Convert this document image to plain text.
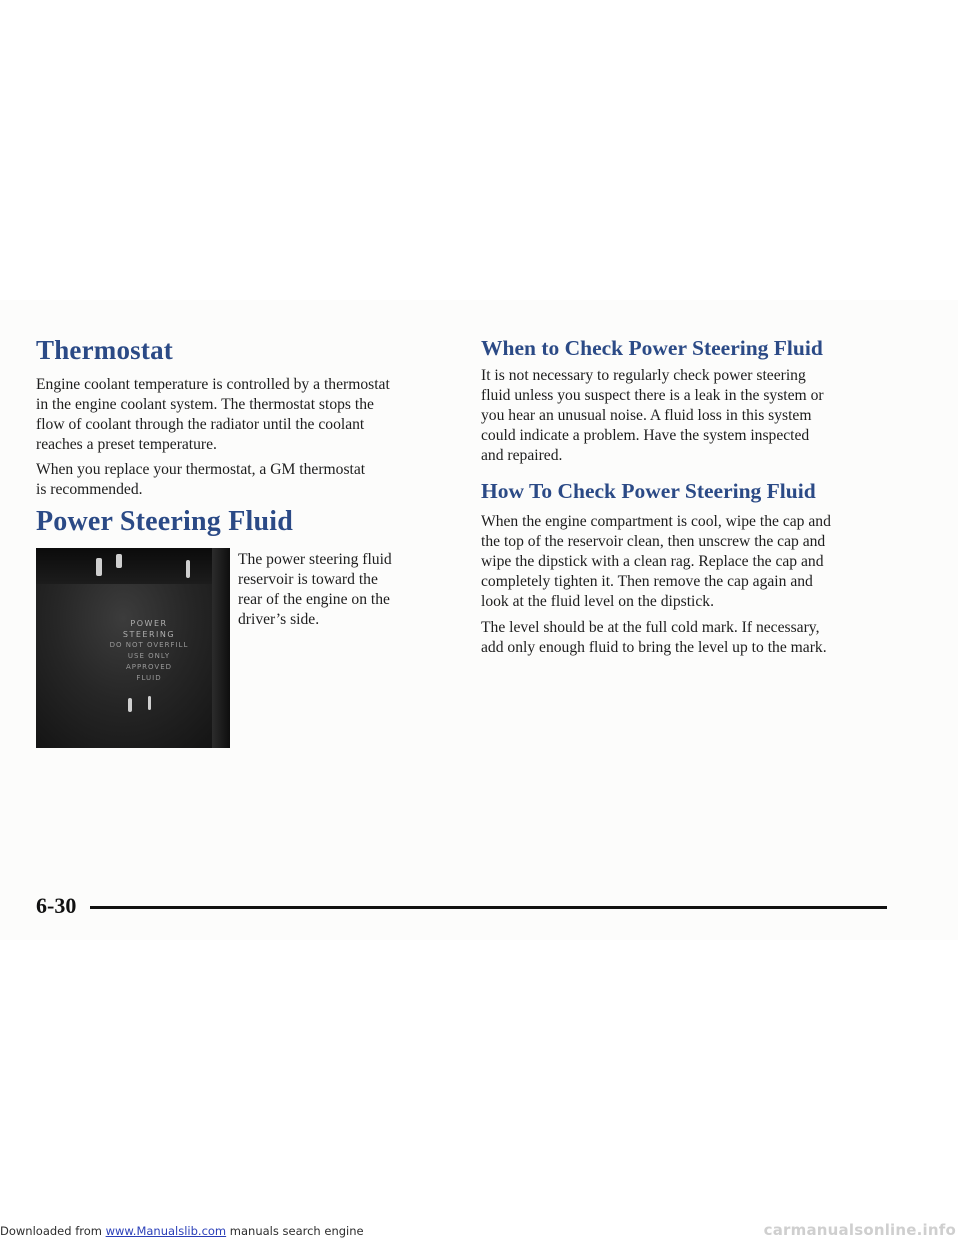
Thermostat

Engine coolant temperature is controlled by a thermostat
in the engine coolant system. The thermostat stops the
flow of coolant through the radiator until the coolant
reaches a preset temperature.

When you replace your thermostat, a GM thermostat
is recommended.

Power Steering Fluid

The power steering fluid
reservoir is toward the
rear of the engine on the
driver’s side.

When to Check Power Steering Fluid

It is not necessary to regularly check power steering
fluid unless you suspect there is a leak in the system or
you hear an unusual noise. A fluid loss in this system
could indicate a problem. Have the system inspected
and repaired.

How To Check Power Steering Fluid

When the engine compartment is cool, wipe the cap and
the top of the reservoir clean, then unscrew the cap and
wipe the dipstick with a clean rag. Replace the cap and
completely tighten it. Then remove the cap again and
look at the fluid level on the dipstick.

The level should be at the full cold mark. If necessary,
add only enough fluid to bring the level up to the mark.

POWER
STEERING
DO NOT OVERFILL
USE ONLY
APPROVED
FLUID
6-30
Downloaded from www.Manualslib.com manuals search engine	carmanualsonline.info
